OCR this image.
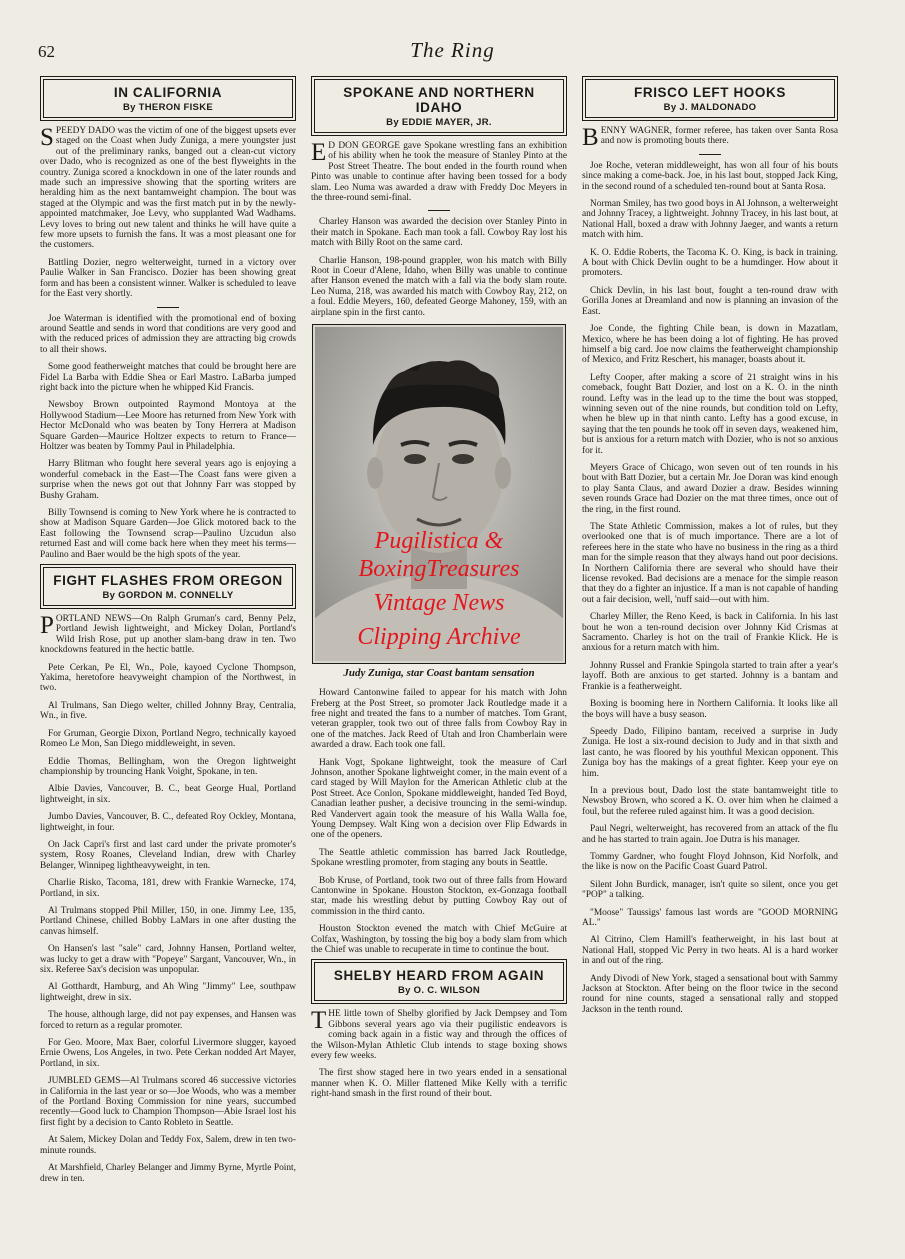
62	The Ring
IN CALIFORNIA
By THERON FISKE

SPEEDY DADO was the victim of one of the biggest upsets ever staged on the Coast when Judy Zuniga, a mere youngster just out of the preliminary ranks, banged out a clean-cut victory over Dado, who is recognized as one of the best flyweights in the country. Zuniga scored a knockdown in one of the later rounds and made such an impressive showing that the sporting writers are heralding him as the next bantamweight champion. The bout was staged at the Olympic and was the first match put in by the newly-appointed matchmaker, Joe Levy, who supplanted Wad Wadhams. Levy loves to bring out new talent and thinks he will have quite a few more upsets to furnish the fans. It was a most pleasant one for the customers.

Battling Dozier, negro welterweight, turned in a victory over Paulie Walker in San Francisco. Dozier has been showing great form and has been a consistent winner. Walker is scheduled to leave for the East very shortly.

Joe Waterman is identified with the promotional end of boxing around Seattle and sends in word that conditions are very good and with the reduced prices of admission they are attracting big crowds to all their shows.

Some good featherweight matches that could be brought here are Fidel La Barba with Eddie Shea or Earl Mastro. LaBarba jumped right back into the picture when he whipped Kid Francis.

Newsboy Brown outpointed Raymond Montoya at the Hollywood Stadium—Lee Moore has returned from New York with Hector McDonald who was beaten by Tony Herrera at Madison Square Garden—Maurice Holtzer expects to return to France—Holtzer was beaten by Tommy Paul in Philadelphia.

Harry Blitman who fought here several years ago is enjoying a wonderful comeback in the East—The Coast fans were given a surprise when the news got out that Johnny Farr was stopped by Bushy Graham.

Billy Townsend is coming to New York where he is contracted to show at Madison Square Garden—Joe Glick motored back to the East following the Townsend scrap—Paulino Uzcudun also returned East and will come back here when they meet his terms—Paulino and Baer would be the high spots of the year.

FIGHT FLASHES FROM OREGON
By GORDON M. CONNELLY

PORTLAND NEWS—On Ralph Gruman's card, Benny Pelz, Portland Jewish lightweight, and Mickey Dolan, Portland's Wild Irish Rose, put up another slam-bang draw in ten. Two knockdowns featured in the hectic battle.

Pete Cerkan, Pe El, Wn., Pole, kayoed Cyclone Thompson, Yakima, heretofore heavyweight champion of the Northwest, in two.

Al Trulmans, San Diego welter, chilled Johnny Bray, Centralia, Wn., in five.

For Gruman, Georgie Dixon, Portland Negro, technically kayoed Romeo Le Mon, San Diego middleweight, in seven.

Eddie Thomas, Bellingham, won the Oregon lightweight championship by trouncing Hank Voight, Spokane, in ten.

Albie Davies, Vancouver, B. C., beat George Hual, Portland lightweight, in six.

Jumbo Davies, Vancouver, B. C., defeated Roy Ockley, Montana, lightweight, in four.

On Jack Capri's first and last card under the private promoter's system, Rosy Roanes, Cleveland Indian, drew with Charley Belanger, Winnipeg lightheavyweight, in ten.

Charlie Risko, Tacoma, 181, drew with Frankie Warnecke, 174, Portland, in six.

Al Trulmans stopped Phil Miller, 150, in one. Jimmy Lee, 135, Portland Chinese, chilled Bobby LaMars in one after dusting the canvas himself.

On Hansen's last "sale" card, Johnny Hansen, Portland welter, was lucky to get a draw with "Popeye" Sargant, Vancouver, Wn., in six. Referee Sax's decision was unpopular.

Al Gotthardt, Hamburg, and Ah Wing "Jimmy" Lee, southpaw lightweight, drew in six.

The house, although large, did not pay expenses, and Hansen was forced to return as a regular promoter.

For Geo. Moore, Max Baer, colorful Livermore slugger, kayoed Ernie Owens, Los Angeles, in two. Pete Cerkan nodded Art Mayer, Portland, in six.

JUMBLED GEMS—Al Trulmans scored 46 successive victories in California in the last year or so—Joe Woods, who was a member of the Portland Boxing Commission for nine years, succumbed recently—Good luck to Champion Thompson—Abie Israel lost his first fight by a decision to Canto Robleto in Seattle.

At Salem, Mickey Dolan and Teddy Fox, Salem, drew in ten two-minute rounds.

At Marshfield, Charley Belanger and Jimmy Byrne, Myrtle Point, drew in ten.

SPOKANE AND NORTHERN IDAHO
By EDDIE MAYER, JR.

ED DON GEORGE gave Spokane wrestling fans an exhibition of his ability when he took the measure of Stanley Pinto at the Post Street Theatre. The bout ended in the fourth round when Pinto was unable to continue after having been tossed for a body slam. Leo Numa was awarded a draw with Freddy Doc Meyers in the three-round semi-final.

Charley Hanson was awarded the decision over Stanley Pinto in their match in Spokane. Each man took a fall. Cowboy Ray lost his match with Billy Root on the same card.

Charlie Hanson, 198-pound grappler, won his match with Billy Root in Coeur d'Alene, Idaho, when Billy was unable to continue after Hanson evened the match with a fall via the body slam route. Leo Numa, 218, was awarded his match with Cowboy Ray, 212, on a foul. Eddie Meyers, 160, defeated George Mahoney, 159, with an airplane spin in the first canto.

Pugilistica &
BoxingTreasures
Vintage News
Clipping Archive
Judy Zuniga, star Coast bantam sensation

Howard Cantonwine failed to appear for his match with John Freberg at the Post Street, so promoter Jack Routledge made it a free night and treated the fans to a number of matches. Tom Grant, veteran grappler, took two out of three falls from Cowboy Ray in one of the matches. Jack Reed of Utah and Iron Chamberlain were awarded a draw. Each took one fall.

Hank Vogt, Spokane lightweight, took the measure of Carl Johnson, another Spokane lightweight comer, in the main event of a card staged by Will Maylon for the American Athletic club at the Post Street. Ace Conlon, Spokane middleweight, handed Ted Boyd, Canadian leather pusher, a decisive trouncing in the semi-windup. Red Vandervert again took the measure of his Walla Walla foe, Young Dempsey. Walt King won a decision over Flip Edwards in one of the openers.

The Seattle athletic commission has barred Jack Routledge, Spokane wrestling promoter, from staging any bouts in Seattle.

Bob Kruse, of Portland, took two out of three falls from Howard Cantonwine in Spokane. Houston Stockton, ex-Gonzaga football star, made his wrestling debut by putting Cowboy Ray out of commission in the third canto.

Houston Stockton evened the match with Chief McGuire at Colfax, Washington, by tossing the big boy a body slam from which the Chief was unable to recuperate in time to continue the bout.

SHELBY HEARD FROM AGAIN
By O. C. WILSON

THE little town of Shelby glorified by Jack Dempsey and Tom Gibbons several years ago via their pugilistic endeavors is coming back again in a fistic way and through the offices of the Wilson-Mylan Athletic Club intends to stage boxing shows every few weeks.

The first show staged here in two years ended in a sensational manner when K. O. Miller flattened Mike Kelly with a terrific right-hand smash in the first round of their bout.

FRISCO LEFT HOOKS
By J. MALDONADO

BENNY WAGNER, former referee, has taken over Santa Rosa and now is promoting bouts there.

Joe Roche, veteran middleweight, has won all four of his bouts since making a come-back. Joe, in his last bout, stopped Jack King, in the second round of a scheduled ten-round bout at Santa Rosa.

Norman Smiley, has two good boys in Al Johnson, a welterweight and Johnny Tracey, a lightweight. Johnny Tracey, in his last bout, at National Hall, boxed a draw with Johnny Jaeger, and wants a return match with him.

K. O. Eddie Roberts, the Tacoma K. O. King, is back in training. A bout with Chick Devlin ought to be a humdinger. How about it promoters.

Chick Devlin, in his last bout, fought a ten-round draw with Gorilla Jones at Dreamland and now is planning an invasion of the East.

Joe Conde, the fighting Chile bean, is down in Mazatlam, Mexico, where he has been doing a lot of fighting. He has proved himself a big card. Joe now claims the featherweight championship of Mexico, and Fritz Reschert, his manager, boasts about it.

Lefty Cooper, after making a score of 21 straight wins in his comeback, fought Batt Dozier, and lost on a K. O. in the ninth round. Lefty was in the lead up to the time the bout was stopped, winning seven out of the nine rounds, but condition told on Lefty, when he blew up in that ninth canto. Lefty has a good excuse, in saying that the ten pounds he took off in seven days, weakened him, but is anxious for a return match with Dozier, who is not so anxious for it.

Meyers Grace of Chicago, won seven out of ten rounds in his bout with Batt Dozier, but a certain Mr. Joe Doran was kind enough to play Santa Claus, and award Dozier a draw. Besides winning seven rounds Grace had Dozier on the mat three times, once out of the ring, in the first round.

The State Athletic Commission, makes a lot of rules, but they overlooked one that is of much importance. There are a lot of referees here in the state who have no business in the ring as a third man for the simple reason that they always hand out poor decisions. In Northern California there are several who should have their license revoked. Bad decisions are a menace for the simple reason that they do a fighter an injustice. If a man is not capable of handing out a fair decision, well, 'nuff said—out with him.

Charley Miller, the Reno Keed, is back in California. In his last bout he won a ten-round decision over Johnny Kid Crismas at Sacramento. Charley is hot on the trail of Frankie Klick. He is anxious for a return match with him.

Johnny Russel and Frankie Spingola started to train after a year's layoff. Both are anxious to get started. Johnny is a bantam and Frankie is a featherweight.

Boxing is booming here in Northern California. It looks like all the boys will have a busy season.

Speedy Dado, Filipino bantam, received a surprise in Judy Zuniga. He lost a six-round decision to Judy and in that sixth and last canto, he was floored by his youthful Mexican opponent. This Zuniga boy has the makings of a great fighter. Keep your eye on him.

In a previous bout, Dado lost the state bantamweight title to Newsboy Brown, who scored a K. O. over him when he claimed a foul, but the referee ruled against him. It was a good decision.

Paul Negri, welterweight, has recovered from an attack of the flu and he has started to train again. Joe Dutra is his manager.

Tommy Gardner, who fought Floyd Johnson, Kid Norfolk, and the like is now on the Pacific Coast Guard Patrol.

Silent John Burdick, manager, isn't quite so silent, once you get "POP" a talking.

"Moose" Taussigs' famous last words are "GOOD MORNING AL."

Al Citrino, Clem Hamill's featherweight, in his last bout at National Hall, stopped Vic Perry in two heats. Al is a hard worker in and out of the ring.

Andy Divodi of New York, staged a sensational bout with Sammy Jackson at Stockton. After being on the floor twice in the second round for nine counts, staged a sensational rally and stopped Jackson in the tenth round.
